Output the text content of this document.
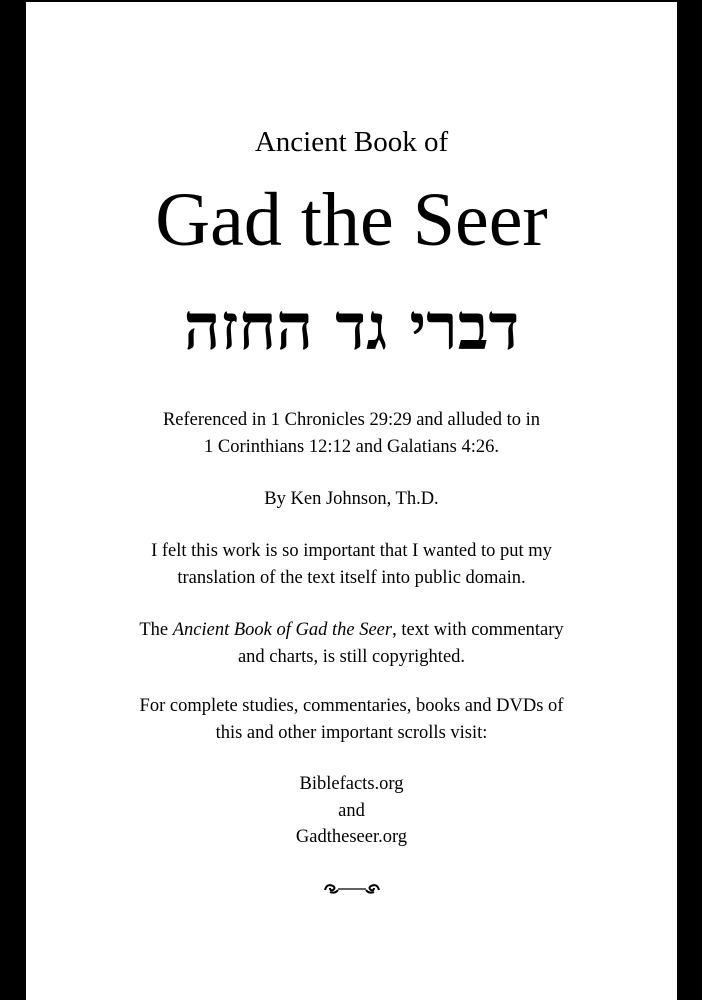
Ancient Book of
Gad the Seer
דברי גד החזה
Referenced in 1 Chronicles 29:29 and alluded to in
1 Corinthians 12:12 and Galatians 4:26.
By Ken Johnson, Th.D.
I felt this work is so important that I wanted to put my
translation of the text itself into public domain.
The Ancient Book of Gad the Seer, text with commentary
and charts, is still copyrighted.
For complete studies, commentaries, books and DVDs of
this and other important scrolls visit:
Biblefacts.org
and
Gadtheseer.org
